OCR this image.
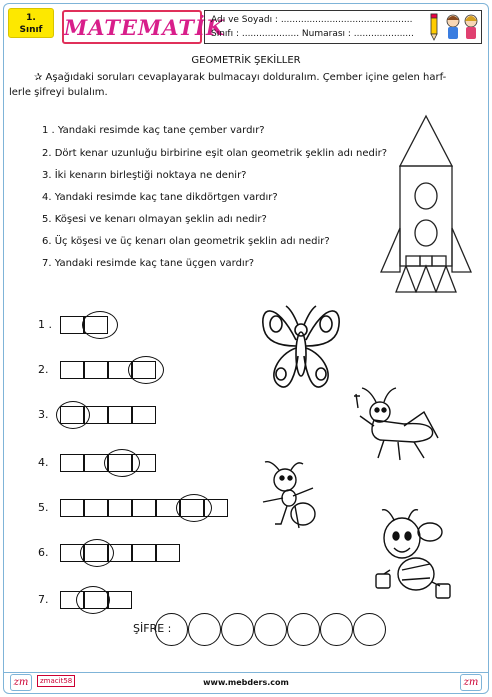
1.
Sınıf	MATEMATİK
Adı ve Soyadı : ..............................................
Sınıfı : .................... Numarası : .....................
GEOMETRİK ŞEKİLLER
✰ Aşağıdaki soruları cevaplayarak bulmacayı dolduralım. Çember içine gelen harf-
lerle şifreyi bulalım.
1 . Yandaki resimde kaç tane çember vardır?
2. Dört kenar uzunluğu birbirine eşit olan geometrik şeklin adı nedir?
3. İki kenarın birleştiği noktaya ne denir?
4. Yandaki resimde kaç tane dikdörtgen vardır?
5. Köşesi ve kenarı olmayan şeklin adı nedir?
6. Üç köşesi ve üç kenarı olan geometrik şeklin adı nedir?
7. Yandaki resimde kaç tane üçgen vardır?
1 .
2.
3.
4.
5.
6.
7.
ŞİFRE :
zm	zmacit58	www.mebders.com	zm
